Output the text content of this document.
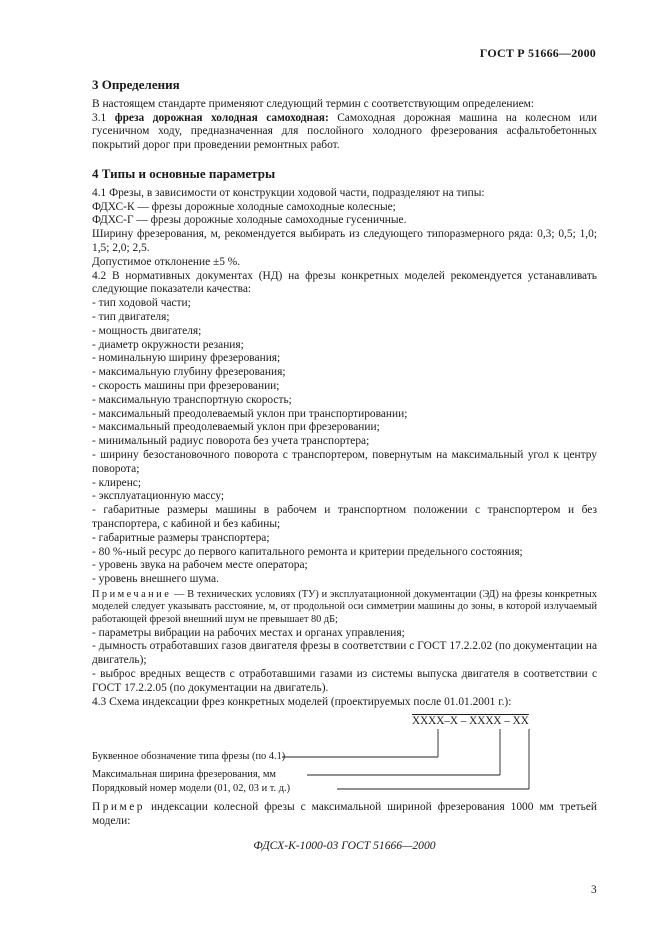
ГОСТ Р 51666—2000
3 Определения

В настоящем стандарте применяют следующий термин с соответствующим определением:

3.1 фреза дорожная холодная самоходная: Самоходная дорожная машина на колесном или гусеничном ходу, предназначенная для послойного холодного фрезерования асфальтобетонных покрытий дорог при проведении ремонтных работ.

4 Типы и основные параметры

4.1 Фрезы, в зависимости от конструкции ходовой части, подразделяют на типы:

ФДХС-К — фрезы дорожные холодные самоходные колесные;

ФДХС-Г — фрезы дорожные холодные самоходные гусеничные.

Ширину фрезерования, м, рекомендуется выбирать из следующего типоразмерного ряда: 0,3; 0,5; 1,0; 1,5; 2,0; 2,5.

Допустимое отклонение ±5 %.

4.2 В нормативных документах (НД) на фрезы конкретных моделей рекомендуется устанавливать следующие показатели качества:

- тип ходовой части;

- тип двигателя;

- мощность двигателя;

- диаметр окружности резания;

- номинальную ширину фрезерования;

- максимальную глубину фрезерования;

- скорость машины при фрезеровании;

- максимальную транспортную скорость;

- максимальный преодолеваемый уклон при транспортировании;

- максимальный преодолеваемый уклон при фрезеровании;

- минимальный радиус поворота без учета транспортера;

- ширину безостановочного поворота с транспортером, повернутым на максимальный угол к центру поворота;

- клиренс;

- эксплуатационную массу;

- габаритные размеры машины в рабочем и транспортном положении с транспортером и без транспортера, с кабиной и без кабины;

- габаритные размеры транспортера;

- 80 %-ный ресурс до первого капитального ремонта и критерии предельного состояния;

- уровень звука на рабочем месте оператора;

- уровень внешнего шума.

Примечание — В технических условиях (ТУ) и эксплуатационной документации (ЭД) на фрезы конкретных моделей следует указывать расстояние, м, от продольной оси симметрии машины до зоны, в которой излучаемый работающей фрезой внешний шум не превышает 80 дБ;

- параметры вибрации на рабочих местах и органах управления;

- дымность отработавших газов двигателя фрезы в соответствии с ГОСТ 17.2.2.02 (по документации на двигатель);

- выброс вредных веществ с отработавшими газами из системы выпуска двигателя в соответствии с ГОСТ 17.2.2.05 (по документации на двигатель).

4.3 Схема индексации фрез конкретных моделей (проектируемых после 01.01.2001 г.):

ХХХХ–Х – ХХХХ – ХХ
Буквенное обозначение типа фрезы (по 4.1)
Максимальная ширина фрезерования, мм
Порядковый номер модели (01, 02, 03 и т. д.)

Пример индексации колесной фрезы с максимальной шириной фрезерования 1000 мм третьей модели:

ФДСХ-К-1000-03 ГОСТ 51666—2000
3
